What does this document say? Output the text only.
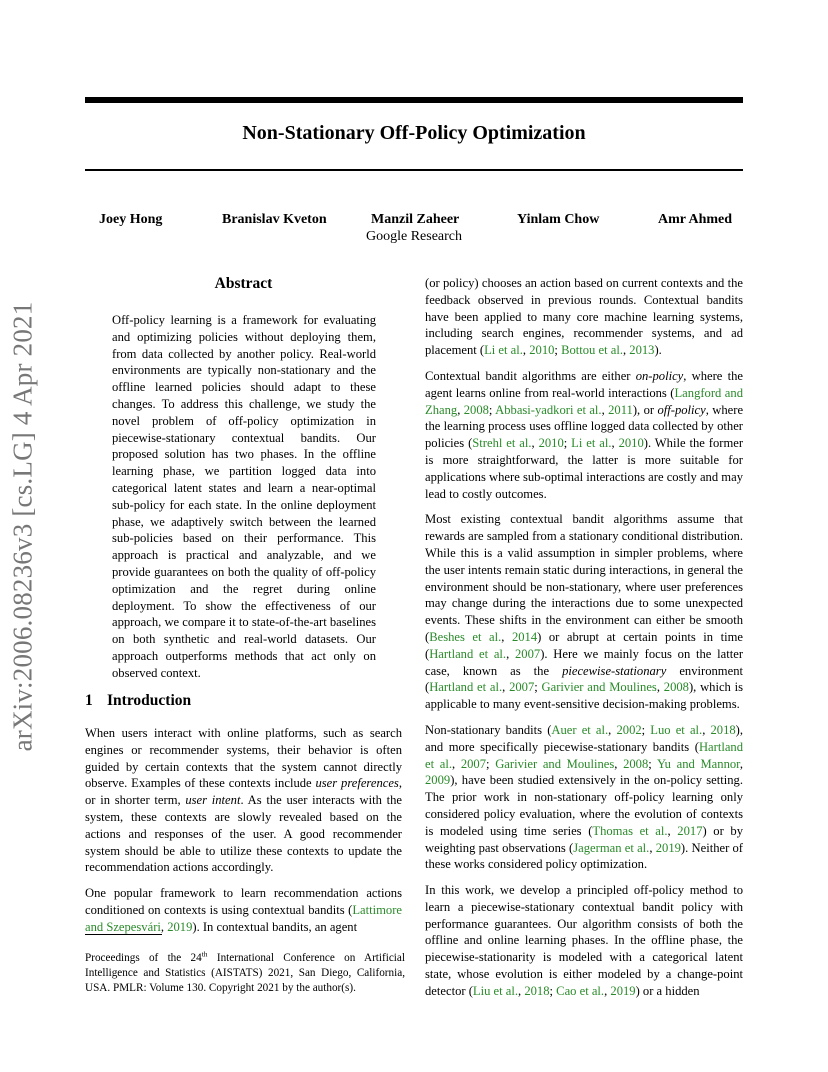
arXiv:2006.08236v3 [cs.LG] 4 Apr 2021
Non-Stationary Off-Policy Optimization
Joey Hong	Branislav Kveton	Manzil Zaheer	Yinlam Chow	Amr Ahmed
Google Research
Abstract
Off-policy learning is a framework for evaluating and optimizing policies without deploying them, from data collected by another policy. Real-world environments are typically non-stationary and the offline learned policies should adapt to these changes. To address this challenge, we study the novel problem of off-policy optimization in piecewise-stationary contextual bandits. Our proposed solution has two phases. In the offline learning phase, we partition logged data into categorical latent states and learn a near-optimal sub-policy for each state. In the online deployment phase, we adaptively switch between the learned sub-policies based on their performance. This approach is practical and analyzable, and we provide guarantees on both the quality of off-policy optimization and the regret during online deployment. To show the effectiveness of our approach, we compare it to state-of-the-art baselines on both synthetic and real-world datasets. Our approach outperforms methods that act only on observed context.
1 Introduction

When users interact with online platforms, such as search engines or recommender systems, their behavior is often guided by certain contexts that the system cannot directly observe. Examples of these contexts include user preferences, or in shorter term, user intent. As the user interacts with the system, these contexts are slowly revealed based on the actions and responses of the user. A good recommender system should be able to utilize these contexts to update the recommendation actions accordingly.

One popular framework to learn recommendation actions conditioned on contexts is using contextual bandits (Lattimore and Szepesvári, 2019). In contextual bandits, an agent

Proceedings of the 24th International Conference on Artificial Intelligence and Statistics (AISTATS) 2021, San Diego, California, USA. PMLR: Volume 130. Copyright 2021 by the author(s).

(or policy) chooses an action based on current contexts and the feedback observed in previous rounds. Contextual bandits have been applied to many core machine learning systems, including search engines, recommender systems, and ad placement (Li et al., 2010; Bottou et al., 2013).

Contextual bandit algorithms are either on-policy, where the agent learns online from real-world interactions (Langford and Zhang, 2008; Abbasi-yadkori et al., 2011), or off-policy, where the learning process uses offline logged data collected by other policies (Strehl et al., 2010; Li et al., 2010). While the former is more straightforward, the latter is more suitable for applications where sub-optimal interactions are costly and may lead to costly outcomes.

Most existing contextual bandit algorithms assume that rewards are sampled from a stationary conditional distribution. While this is a valid assumption in simpler problems, where the user intents remain static during interactions, in general the environment should be non-stationary, where user preferences may change during the interactions due to some unexpected events. These shifts in the environment can either be smooth (Beshes et al., 2014) or abrupt at certain points in time (Hartland et al., 2007). Here we mainly focus on the latter case, known as the piecewise-stationary environment (Hartland et al., 2007; Garivier and Moulines, 2008), which is applicable to many event-sensitive decision-making problems.

Non-stationary bandits (Auer et al., 2002; Luo et al., 2018), and more specifically piecewise-stationary bandits (Hartland et al., 2007; Garivier and Moulines, 2008; Yu and Mannor, 2009), have been studied extensively in the on-policy setting. The prior work in non-stationary off-policy learning only considered policy evaluation, where the evolution of contexts is modeled using time series (Thomas et al., 2017) or by weighting past observations (Jagerman et al., 2019). Neither of these works considered policy optimization.

In this work, we develop a principled off-policy method to learn a piecewise-stationary contextual bandit policy with performance guarantees. Our algorithm consists of both the offline and online learning phases. In the offline phase, the piecewise-stationarity is modeled with a categorical latent state, whose evolution is either modeled by a change-point detector (Liu et al., 2018; Cao et al., 2019) or a hidden
